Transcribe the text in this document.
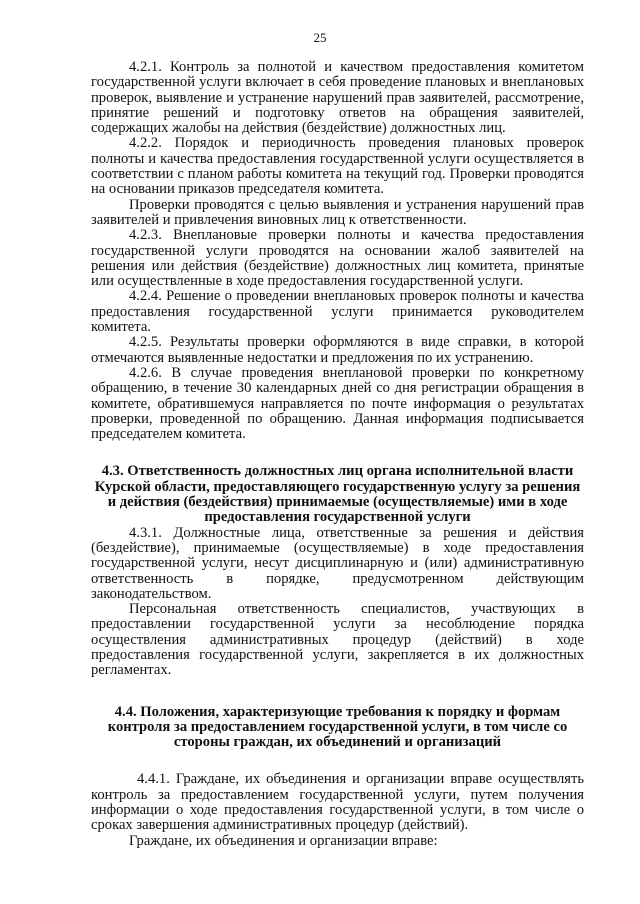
25

4.2.1. Контроль за полнотой и качеством предоставления комитетом государственной услуги включает в себя проведение плановых и внеплановых проверок, выявление и устранение нарушений прав заявителей, рассмотрение, принятие решений и подготовку ответов на обращения заявителей, содержащих жалобы на действия (бездействие) должностных лиц.

4.2.2. Порядок и периодичность проведения плановых проверок полноты и качества предоставления государственной услуги осуществляется в соответствии с планом работы комитета на текущий год. Проверки проводятся на основании приказов председателя комитета.

Проверки проводятся с целью выявления и устранения нарушений прав заявителей и привлечения виновных лиц к ответственности.

4.2.3. Внеплановые проверки полноты и качества предоставления государственной услуги проводятся на основании жалоб заявителей на решения или действия (бездействие) должностных лиц комитета, принятые или осуществленные в ходе предоставления государственной услуги.

4.2.4. Решение о проведении внеплановых проверок полноты и качества предоставления государственной услуги принимается руководителем комитета.

4.2.5. Результаты проверки оформляются в виде справки, в которой отмечаются выявленные недостатки и предложения по их устранению.

4.2.6. В случае проведения внеплановой проверки по конкретному обращению, в течение 30 календарных дней со дня регистрации обращения в комитете, обратившемуся направляется по почте информация о результатах проверки, проведенной по обращению. Данная информация подписывается председателем комитета.

4.3. Ответственность должностных лиц органа исполнительной власти Курской области, предоставляющего государственную услугу за решения и действия (бездействия) принимаемые (осуществляемые) ими в ходе предоставления государственной услуги

4.3.1. Должностные лица, ответственные за решения и действия (бездействие), принимаемые (осуществляемые) в ходе предоставления государственной услуги, несут дисциплинарную и (или) административную ответственность в порядке, предусмотренном действующим законодательством.

Персональная ответственность специалистов, участвующих в предоставлении государственной услуги за несоблюдение порядка осуществления административных процедур (действий) в ходе предоставления государственной услуги, закрепляется в их должностных регламентах.

4.4. Положения, характеризующие требования к порядку и формам контроля за предоставлением государственной услуги, в том числе со стороны граждан, их объединений и организаций

4.4.1. Граждане, их объединения и организации вправе осуществлять контроль за предоставлением государственной услуги, путем получения информации о ходе предоставления государственной услуги, в том числе о сроках завершения административных процедур (действий).

Граждане, их объединения и организации вправе:
